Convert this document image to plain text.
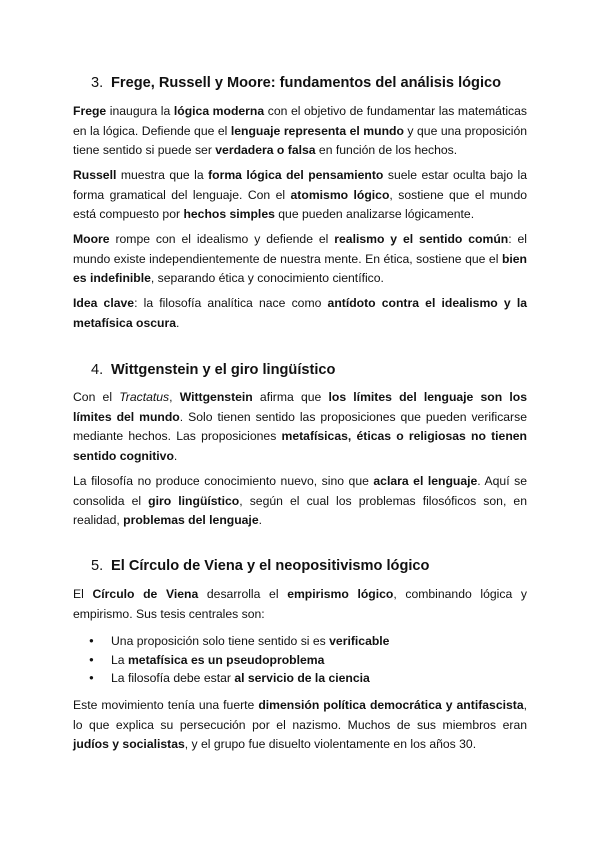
3. Frege, Russell y Moore: fundamentos del análisis lógico

Frege inaugura la lógica moderna con el objetivo de fundamentar las matemáticas en la lógica. Defiende que el lenguaje representa el mundo y que una proposición tiene sentido si puede ser verdadera o falsa en función de los hechos.

Russell muestra que la forma lógica del pensamiento suele estar oculta bajo la forma gramatical del lenguaje. Con el atomismo lógico, sostiene que el mundo está compuesto por hechos simples que pueden analizarse lógicamente.

Moore rompe con el idealismo y defiende el realismo y el sentido común: el mundo existe independientemente de nuestra mente. En ética, sostiene que el bien es indefinible, separando ética y conocimiento científico.

Idea clave: la filosofía analítica nace como antídoto contra el idealismo y la metafísica oscura.

4. Wittgenstein y el giro lingüístico

Con el Tractatus, Wittgenstein afirma que los límites del lenguaje son los límites del mundo. Solo tienen sentido las proposiciones que pueden verificarse mediante hechos. Las proposiciones metafísicas, éticas o religiosas no tienen sentido cognitivo.

La filosofía no produce conocimiento nuevo, sino que aclara el lenguaje. Aquí se consolida el giro lingüístico, según el cual los problemas filosóficos son, en realidad, problemas del lenguaje.

5. El Círculo de Viena y el neopositivismo lógico

El Círculo de Viena desarrolla el empirismo lógico, combinando lógica y empirismo. Sus tesis centrales son:

● Una proposición solo tiene sentido si es verificable
● La metafísica es un pseudoproblema
● La filosofía debe estar al servicio de la ciencia

Este movimiento tenía una fuerte dimensión política democrática y antifascista, lo que explica su persecución por el nazismo. Muchos de sus miembros eran judíos y socialistas, y el grupo fue disuelto violentamente en los años 30.
